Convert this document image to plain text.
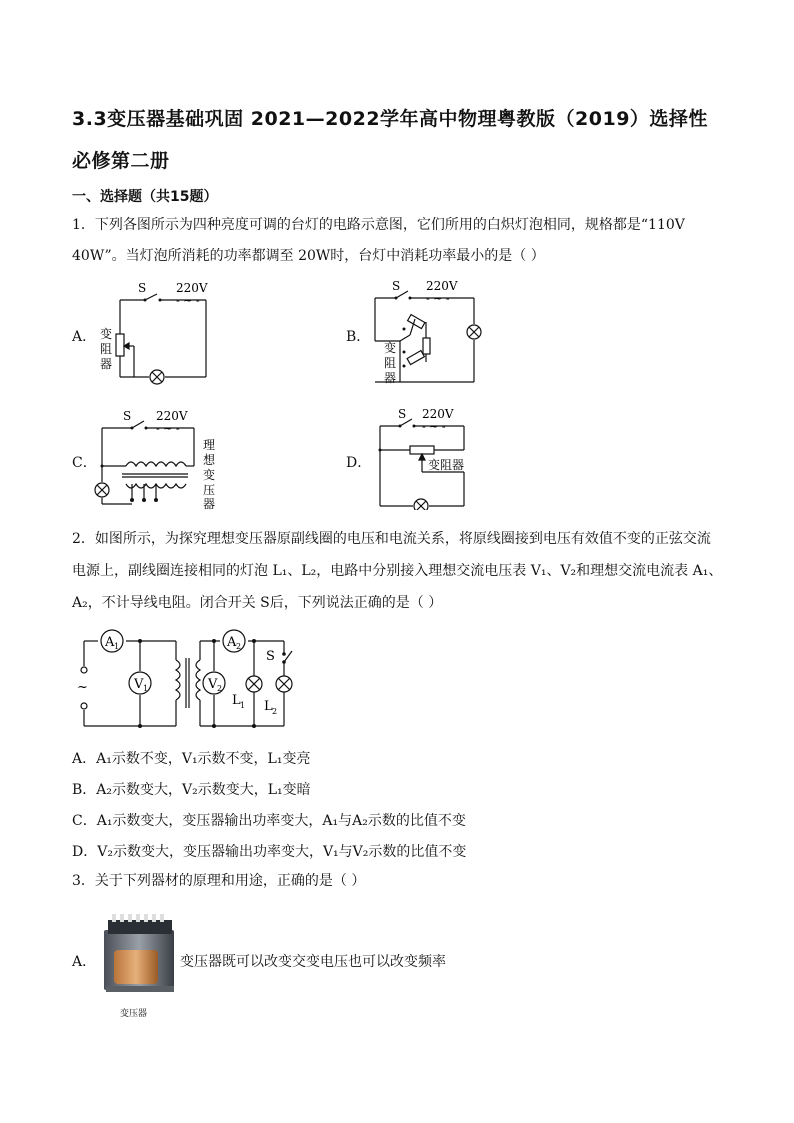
3.3变压器基础巩固 2021—2022学年高中物理粤教版（2019）选择性
必修第二册
一、选择题（共15题）
1．下列各图所示为四种亮度可调的台灯的电路示意图，它们所用的白炽灯泡相同，规格都是“110V
40W”。当灯泡所消耗的功率都调至 20W时，台灯中消耗功率最小的是（ ）
A．	B．
C．	D．
S 220V
- ~ -
变
阻
器
S 220V
- ~ -
变
阻
器
S 220V
- ~ -
理
想
变
压
器
S 220V
- ~ -
变阻器
2．如图所示，为探究理想变压器原副线圈的电压和电流关系，将原线圈接到电压有效值不变的正弦交流
电源上，副线圈连接相同的灯泡 L₁、L₂，电路中分别接入理想交流电压表 V₁、V₂和理想交流电流表 A₁、
A₂，不计导线电阻。闭合开关 S后，下列说法正确的是（ ）
A 1	A 2
V 1	V 2
L 1 L 2
S
~
A．A₁示数不变，V₁示数不变，L₁变亮
B．A₂示数变大，V₂示数变大，L₁变暗
C．A₁示数变大，变压器输出功率变大，A₁与A₂示数的比值不变
D．V₂示数变大，变压器输出功率变大，V₁与V₂示数的比值不变
3．关于下列器材的原理和用途，正确的是（ ）
A．
变压器
变压器既可以改变交变电压也可以改变频率
